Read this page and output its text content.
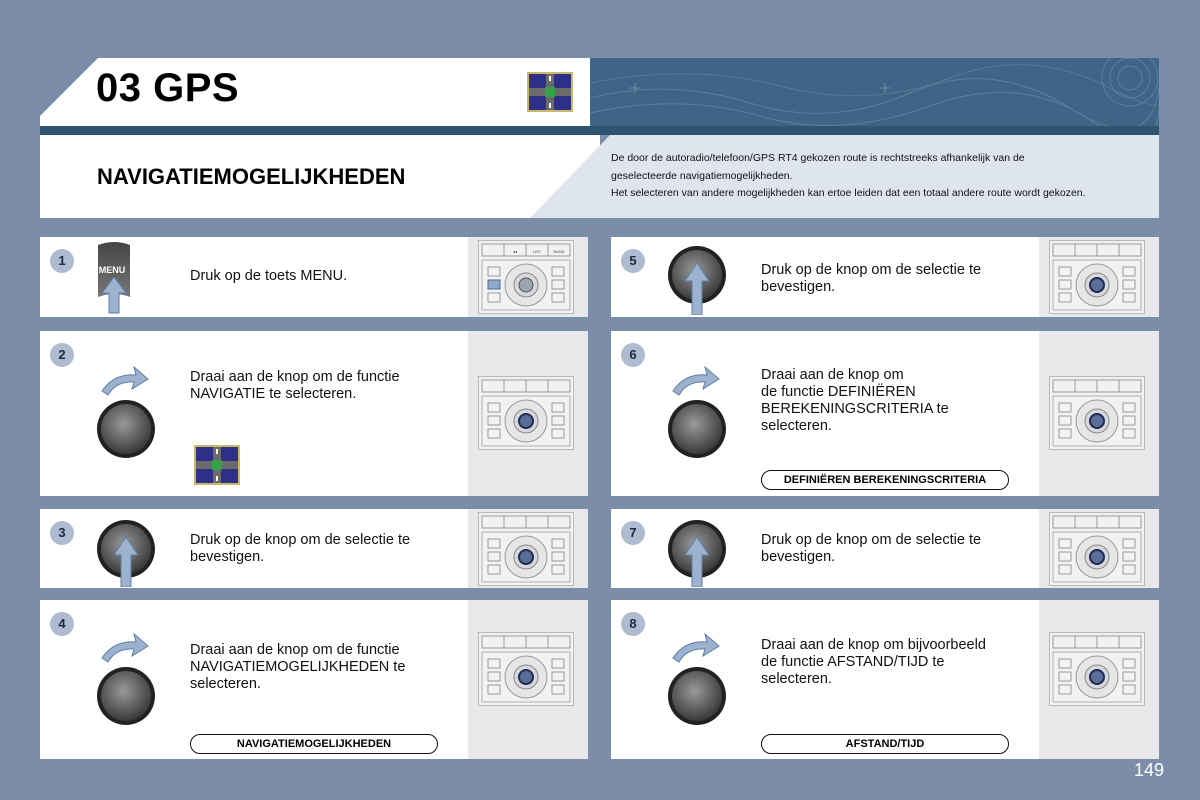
03 GPS
NAVIGATIEMOGELIJKHEDEN
De door de autoradio/telefoon/GPS RT4 gekozen route is rechtstreeks afhankelijk van de
geselecteerde navigatiemogelijkheden.
Het selecteren van andere mogelijkheden kan ertoe leiden dat een totaal andere route wordt gekozen.
1
MENU	Druk op de toets MENU.
◂◂	LIST	BAND
2
Draai aan de knop om de functie
NAVIGATIE te selecteren.
3	Druk op de knop om de selectie te
bevestigen.
4
Draai aan de knop om de functie
NAVIGATIEMOGELIJKHEDEN te
selecteren.
NAVIGATIEMOGELIJKHEDEN
5
Druk op de knop om de selectie te
bevestigen.
6
Draai aan de knop om
de functie DEFINIËREN
BEREKENINGSCRITERIA te
selecteren.
DEFINIËREN BEREKENINGSCRITERIA
7	Druk op de knop om de selectie te
bevestigen.
8
Draai aan de knop om bijvoorbeeld
de functie AFSTAND/TIJD te
selecteren.
AFSTAND/TIJD
149
